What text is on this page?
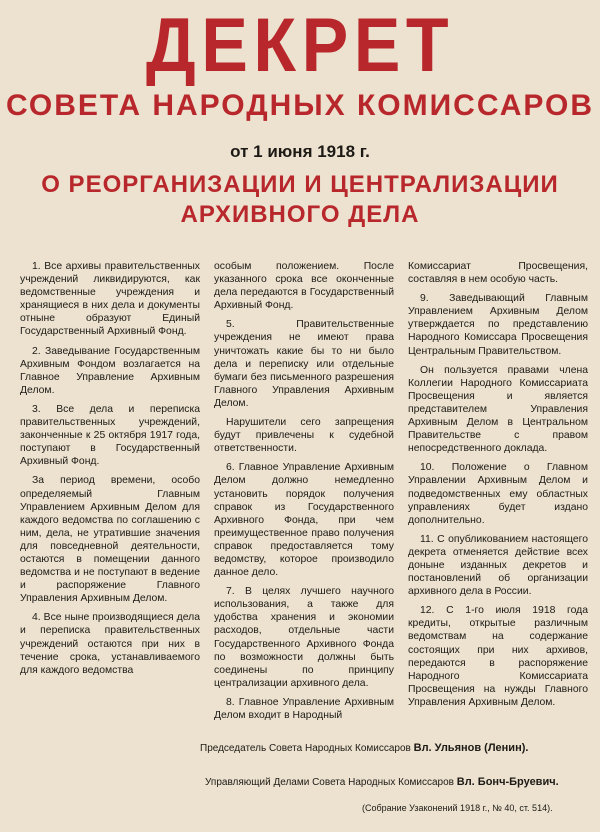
ДЕКРЕТ
СОВЕТА НАРОДНЫХ КОМИССАРОВ
от 1 июня 1918 г.
О РЕОРГАНИЗАЦИИ И ЦЕНТРАЛИЗАЦИИ
АРХИВНОГО ДЕЛА

1. Все архивы правительственных учреждений ликвидируются, как ведомственные учреждения и хранящиеся в них дела и документы отныне образуют Единый Государственный Архивный Фонд.

2. Заведывание Государственным Архивным Фондом возлагается на Главное Управление Архивным Делом.

3. Все дела и переписка правительственных учреждений, законченные к 25 октября 1917 года, поступают в Государственный Архивный Фонд.

За период времени, особо определяемый Главным Управлением Архивным Делом для каждого ведомства по соглашению с ним, дела, не утратившие значения для повседневной деятельности, остаются в помещении данного ведомства и не поступают в ведение и распоряжение Главного Управления Архивным Делом.

4. Все ныне производящиеся дела и переписка правительственных учреждений остаются при них в течение срока, устанавливаемого для каждого ведомства

особым положением. После указанного срока все оконченные дела передаются в Государственный Архивный Фонд.

5. Правительственные учреждения не имеют права уничтожать какие бы то ни было дела и переписку или отдельные бумаги без письменного разрешения Главного Управления Архивным Делом.

Нарушители сего запрещения будут привлечены к судебной ответственности.

6. Главное Управление Архивным Делом должно немедленно установить порядок получения справок из Государственного Архивного Фонда, при чем преимущественное право получения справок предоставляется тому ведомству, которое производило данное дело.

7. В целях лучшего научного использования, а также для удобства хранения и экономии расходов, отдельные части Государственного Архивного Фонда по возможности должны быть соединены по принципу централизации архивного дела.

8. Главное Управление Архивным Делом входит в Народный

Комиссариат Просвещения, составляя в нем особую часть.

9. Заведывающий Главным Управлением Архивным Делом утверждается по представлению Народного Комиссара Просвещения Центральным Правительством.

Он пользуется правами члена Коллегии Народного Комиссариата Просвещения и является представителем Управления Архивным Делом в Центральном Правительстве с правом непосредственного доклада.

10. Положение о Главном Управлении Архивным Делом и подведомственных ему областных управлениях будет издано дополнительно.

11. С опубликованием настоящего декрета отменяется действие всех доныне изданных декретов и постановлений об организации архивного дела в России.

12. С 1-го июля 1918 года кредиты, открытые различным ведомствам на содержание состоящих при них архивов, передаются в распоряжение Народного Комиссариата Просвещения на нужды Главного Управления Архивным Делом.

Председатель Совета Народных Комиссаров Вл. Ульянов (Ленин).
Управляющий Делами Совета Народных Комиссаров Вл. Бонч-Бруевич.
(Собрание Узаконений 1918 г., № 40, ст. 514).
